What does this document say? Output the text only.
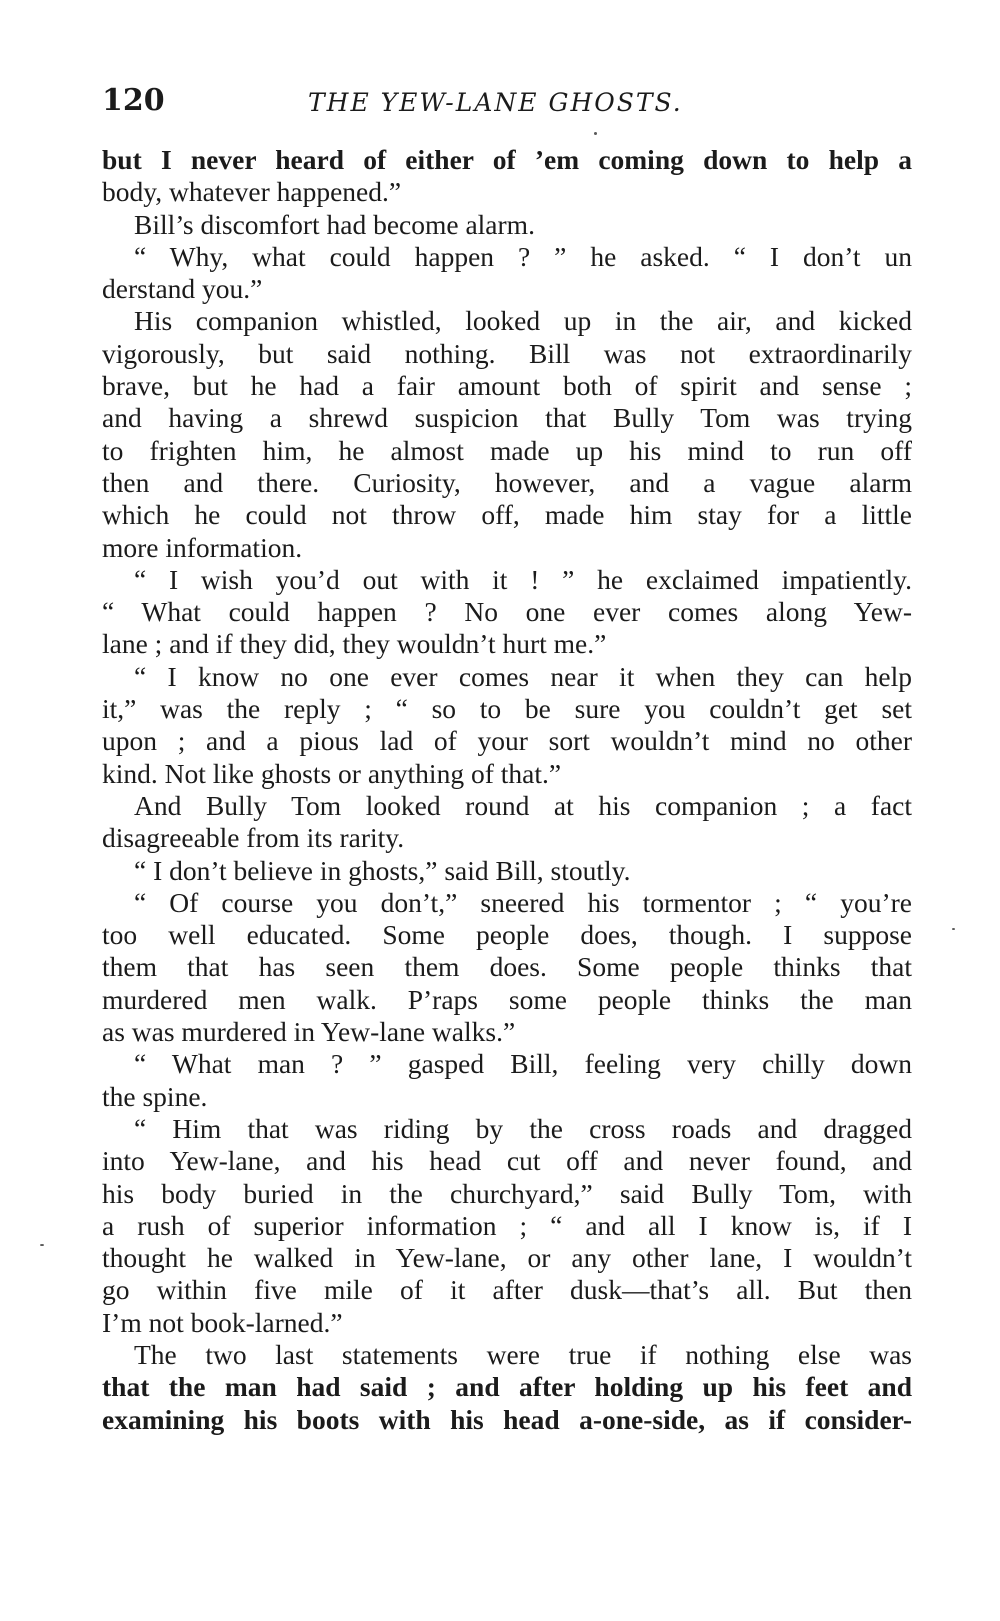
120	THE YEW-LANE GHOSTS.
but I never heard of either of ’em coming down to help a
body, whatever happened.”
Bill’s discomfort had become alarm.
“ Why, what could happen ? ” he asked. “ I don’t un
derstand you.”
His companion whistled, looked up in the air, and kicked
vigorously, but said nothing. Bill was not extraordinarily
brave, but he had a fair amount both of spirit and sense ;
and having a shrewd suspicion that Bully Tom was trying
to frighten him, he almost made up his mind to run off
then and there. Curiosity, however, and a vague alarm
which he could not throw off, made him stay for a little
more information.
“ I wish you’d out with it ! ” he exclaimed impatiently.
“ What could happen ? No one ever comes along Yew-
lane ; and if they did, they wouldn’t hurt me.”
“ I know no one ever comes near it when they can help
it,” was the reply ; “ so to be sure you couldn’t get set
upon ; and a pious lad of your sort wouldn’t mind no other
kind. Not like ghosts or anything of that.”
And Bully Tom looked round at his companion ; a fact
disagreeable from its rarity.
“ I don’t believe in ghosts,” said Bill, stoutly.
“ Of course you don’t,” sneered his tormentor ; “ you’re
too well educated. Some people does, though. I suppose
them that has seen them does. Some people thinks that
murdered men walk. P’raps some people thinks the man
as was murdered in Yew-lane walks.”
“ What man ? ” gasped Bill, feeling very chilly down
the spine.
“ Him that was riding by the cross roads and dragged
into Yew-lane, and his head cut off and never found, and
his body buried in the churchyard,” said Bully Tom, with
a rush of superior information ; “ and all I know is, if I
thought he walked in Yew-lane, or any other lane, I wouldn’t
go within five mile of it after dusk—that’s all. But then
I’m not book-larned.”
The two last statements were true if nothing else was
that the man had said ; and after holding up his feet and
examining his boots with his head a-one-side, as if consider-
